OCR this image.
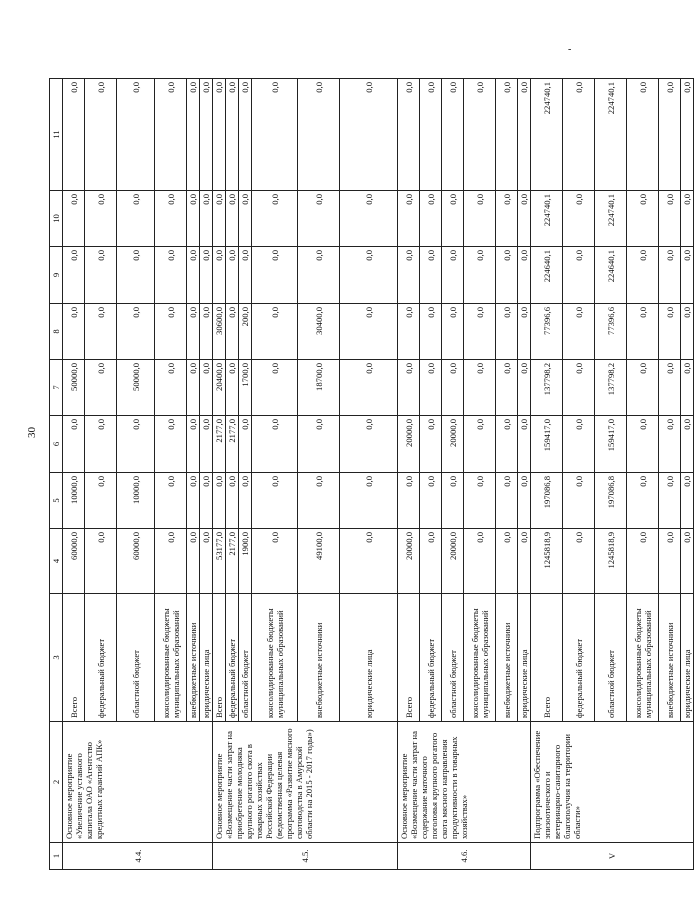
30
-
1	2	3	4	5	6	7	8	9	10	11
4.4.	Основное мероприятие «Увеличение уставного капитала ОАО «Агентство кредитных гарантий АПК»	Всего	60000,0	10000,0	0,0	50000,0	0,0	0,0	0,0	0,0
		федеральный бюджет	0,0	0,0	0,0	0,0	0,0	0,0	0,0	0,0
		областной бюджет	60000,0	10000,0	0,0	50000,0	0,0	0,0	0,0	0,0
		консолидированные бюджеты муниципальных образований	0,0	0,0	0,0	0,0	0,0	0,0	0,0	0,0
		внебюджетные источники	0,0	0,0	0,0	0,0	0,0	0,0	0,0	0,0
		юридические лица	0,0	0,0	0,0	0,0	0,0	0,0	0,0	0,0
4.5.	Основное мероприятие «Возмещение части затрат на приобретение молодняка крупного рогатого скота в товарных хозяйствах Российской Федерации (ведомственная целевая программа «Развитие мясного скотоводства в Амурской области на 2015 - 2017 годы»)	Всего	53177,0	0,0	2177,0	20400,0	30600,0	0,0	0,0	0,0
		федеральный бюджет	2177,0	0,0	2177,0	0,0	0,0	0,0	0,0	0,0
		областной бюджет	1900,0	0,0	0,0	1700,0	200,0	0,0	0,0	0,0
		консолидированные бюджеты муниципальных образований	0,0	0,0	0,0	0,0	0,0	0,0	0,0	0,0
		внебюджетные источники	49100,0	0,0	0,0	18700,0	30400,0	0,0	0,0	0,0
		юридические лица	0,0	0,0	0,0	0,0	0,0	0,0	0,0	0,0
4.6.	Основное мероприятие «Возмещение части затрат на содержание маточного поголовья крупного рогатого скота мясного направления продуктивности в товарных хозяйствах»	Всего	20000,0	0,0	20000,0	0,0	0,0	0,0	0,0	0,0
		федеральный бюджет	0,0	0,0	0,0	0,0	0,0	0,0	0,0	0,0
		областной бюджет	20000,0	0,0	20000,0	0,0	0,0	0,0	0,0	0,0
		консолидированные бюджеты муниципальных образований	0,0	0,0	0,0	0,0	0,0	0,0	0,0	0,0
		внебюджетные источники	0,0	0,0	0,0	0,0	0,0	0,0	0,0	0,0
		юридические лица	0,0	0,0	0,0	0,0	0,0	0,0	0,0	0,0
V	Подпрограмма «Обеспечение эпизоотического и ветеринарно-санитарного благополучия на территории области»	Всего	1245818,9	197086,8	159417,0	137798,2	77396,6	224640,1	224740,1	224740,1
		федеральный бюджет	0,0	0,0	0,0	0,0	0,0	0,0	0,0	0,0
		областной бюджет	1245818,9	197086,8	159417,0	137798,2	77396,6	224640,1	224740,1	224740,1
		консолидированные бюджеты муниципальных образований	0,0	0,0	0,0	0,0	0,0	0,0	0,0	0,0
		внебюджетные источники	0,0	0,0	0,0	0,0	0,0	0,0	0,0	0,0
		юридические лица	0,0	0,0	0,0	0,0	0,0	0,0	0,0	0,0
